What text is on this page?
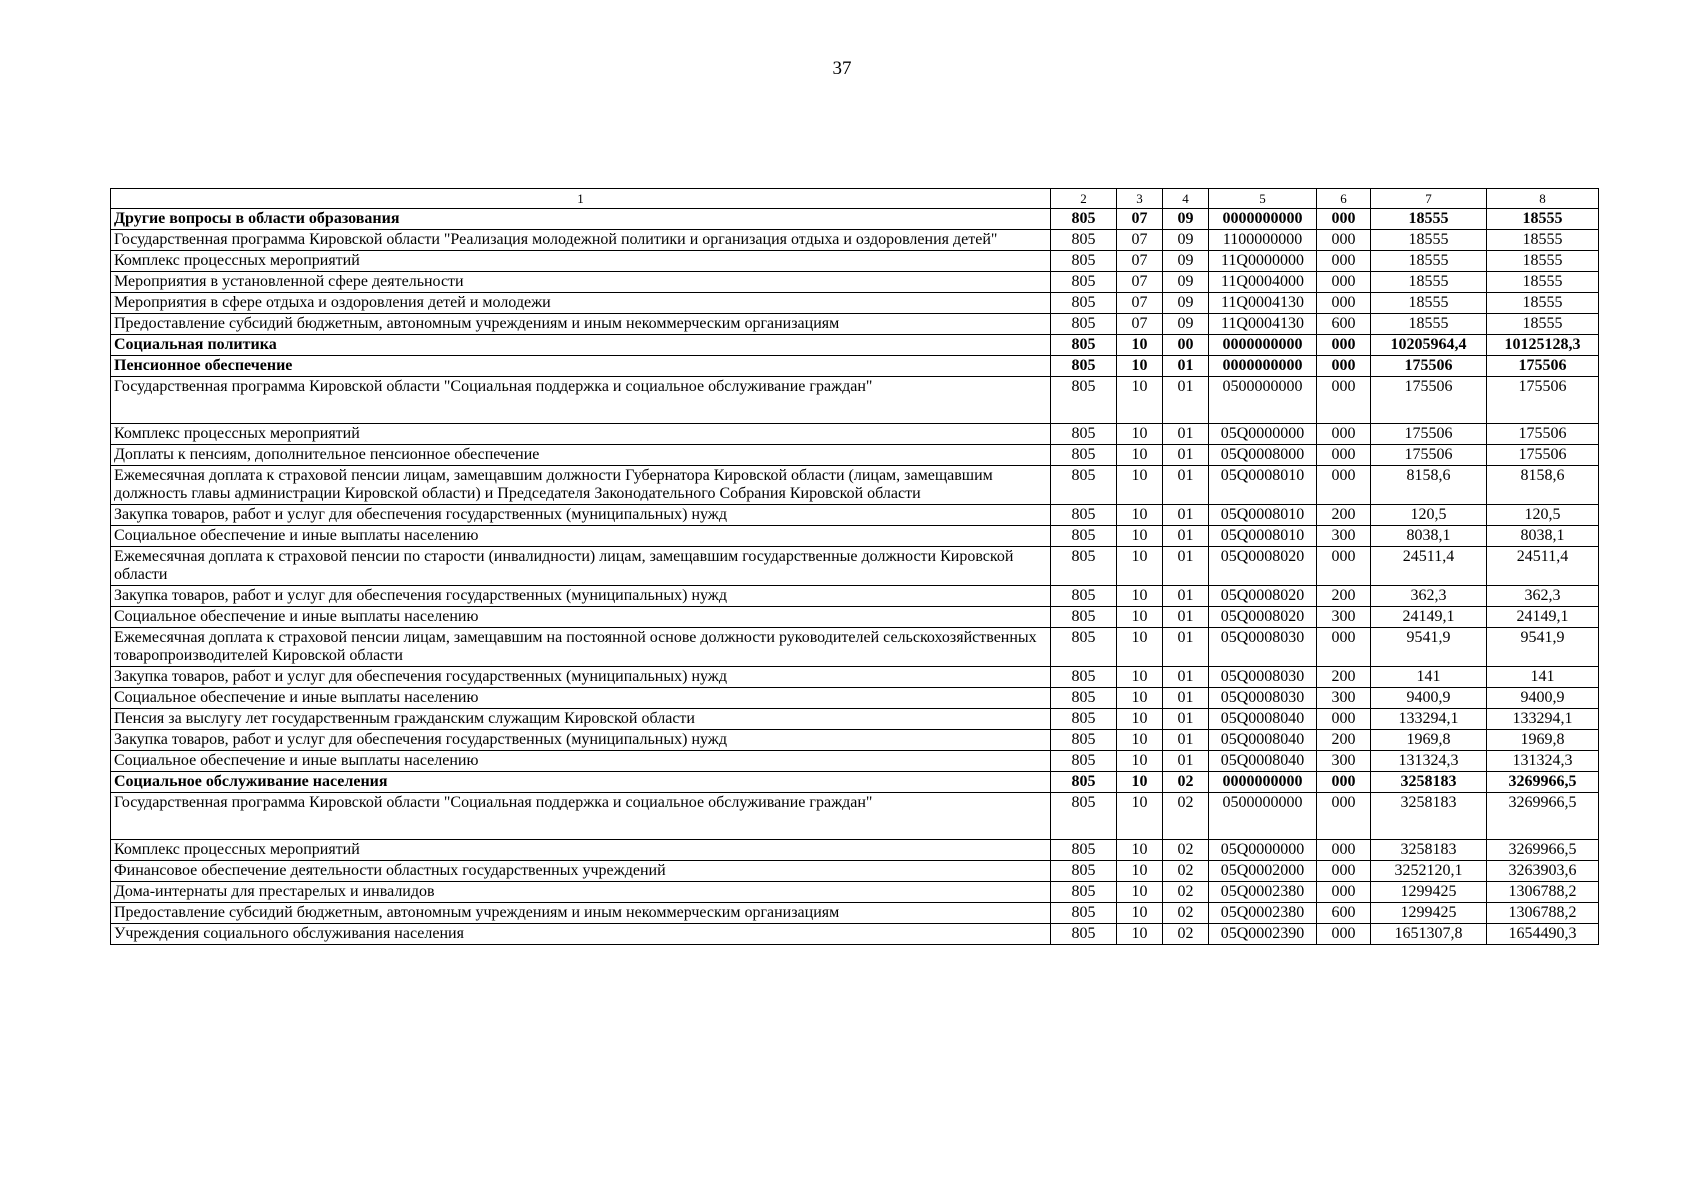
37
1	2	3	4	5	6	7	8
Другие вопросы в области образования	805	07	09	0000000000	000	18555	18555
Государственная программа Кировской области "Реализация молодежной политики и организация отдыха и оздоровления детей"	805	07	09	1100000000	000	18555	18555
Комплекс процессных мероприятий	805	07	09	11Q0000000	000	18555	18555
Мероприятия в установленной сфере деятельности	805	07	09	11Q0004000	000	18555	18555
Мероприятия в сфере отдыха и оздоровления детей и молодежи	805	07	09	11Q0004130	000	18555	18555
Предоставление субсидий бюджетным, автономным учреждениям и иным некоммерческим организациям	805	07	09	11Q0004130	600	18555	18555
Социальная политика	805	10	00	0000000000	000	10205964,4	10125128,3
Пенсионное обеспечение	805	10	01	0000000000	000	175506	175506
Государственная программа Кировской области "Социальная поддержка и социальное обслуживание граждан"	805	10	01	0500000000	000	175506	175506
Комплекс процессных мероприятий	805	10	01	05Q0000000	000	175506	175506
Доплаты к пенсиям, дополнительное пенсионное обеспечение	805	10	01	05Q0008000	000	175506	175506
Ежемесячная доплата к страховой пенсии лицам, замещавшим должности Губернатора Кировской области (лицам, замещавшим должность главы администрации Кировской области) и Председателя Законодательного Собрания Кировской области	805	10	01	05Q0008010	000	8158,6	8158,6
Закупка товаров, работ и услуг для обеспечения государственных (муниципальных) нужд	805	10	01	05Q0008010	200	120,5	120,5
Социальное обеспечение и иные выплаты населению	805	10	01	05Q0008010	300	8038,1	8038,1
Ежемесячная доплата к страховой пенсии по старости (инвалидности) лицам, замещавшим государственные должности Кировской области	805	10	01	05Q0008020	000	24511,4	24511,4
Закупка товаров, работ и услуг для обеспечения государственных (муниципальных) нужд	805	10	01	05Q0008020	200	362,3	362,3
Социальное обеспечение и иные выплаты населению	805	10	01	05Q0008020	300	24149,1	24149,1
Ежемесячная доплата к страховой пенсии лицам, замещавшим на постоянной основе должности руководителей сельскохозяйственных товаропроизводителей Кировской области	805	10	01	05Q0008030	000	9541,9	9541,9
Закупка товаров, работ и услуг для обеспечения государственных (муниципальных) нужд	805	10	01	05Q0008030	200	141	141
Социальное обеспечение и иные выплаты населению	805	10	01	05Q0008030	300	9400,9	9400,9
Пенсия за выслугу лет государственным гражданским служащим Кировской области	805	10	01	05Q0008040	000	133294,1	133294,1
Закупка товаров, работ и услуг для обеспечения государственных (муниципальных) нужд	805	10	01	05Q0008040	200	1969,8	1969,8
Социальное обеспечение и иные выплаты населению	805	10	01	05Q0008040	300	131324,3	131324,3
Социальное обслуживание населения	805	10	02	0000000000	000	3258183	3269966,5
Государственная программа Кировской области "Социальная поддержка и социальное обслуживание граждан"	805	10	02	0500000000	000	3258183	3269966,5
Комплекс процессных мероприятий	805	10	02	05Q0000000	000	3258183	3269966,5
Финансовое обеспечение деятельности областных государственных учреждений	805	10	02	05Q0002000	000	3252120,1	3263903,6
Дома-интернаты для престарелых и инвалидов	805	10	02	05Q0002380	000	1299425	1306788,2
Предоставление субсидий бюджетным, автономным учреждениям и иным некоммерческим организациям	805	10	02	05Q0002380	600	1299425	1306788,2
Учреждения социального обслуживания населения	805	10	02	05Q0002390	000	1651307,8	1654490,3
